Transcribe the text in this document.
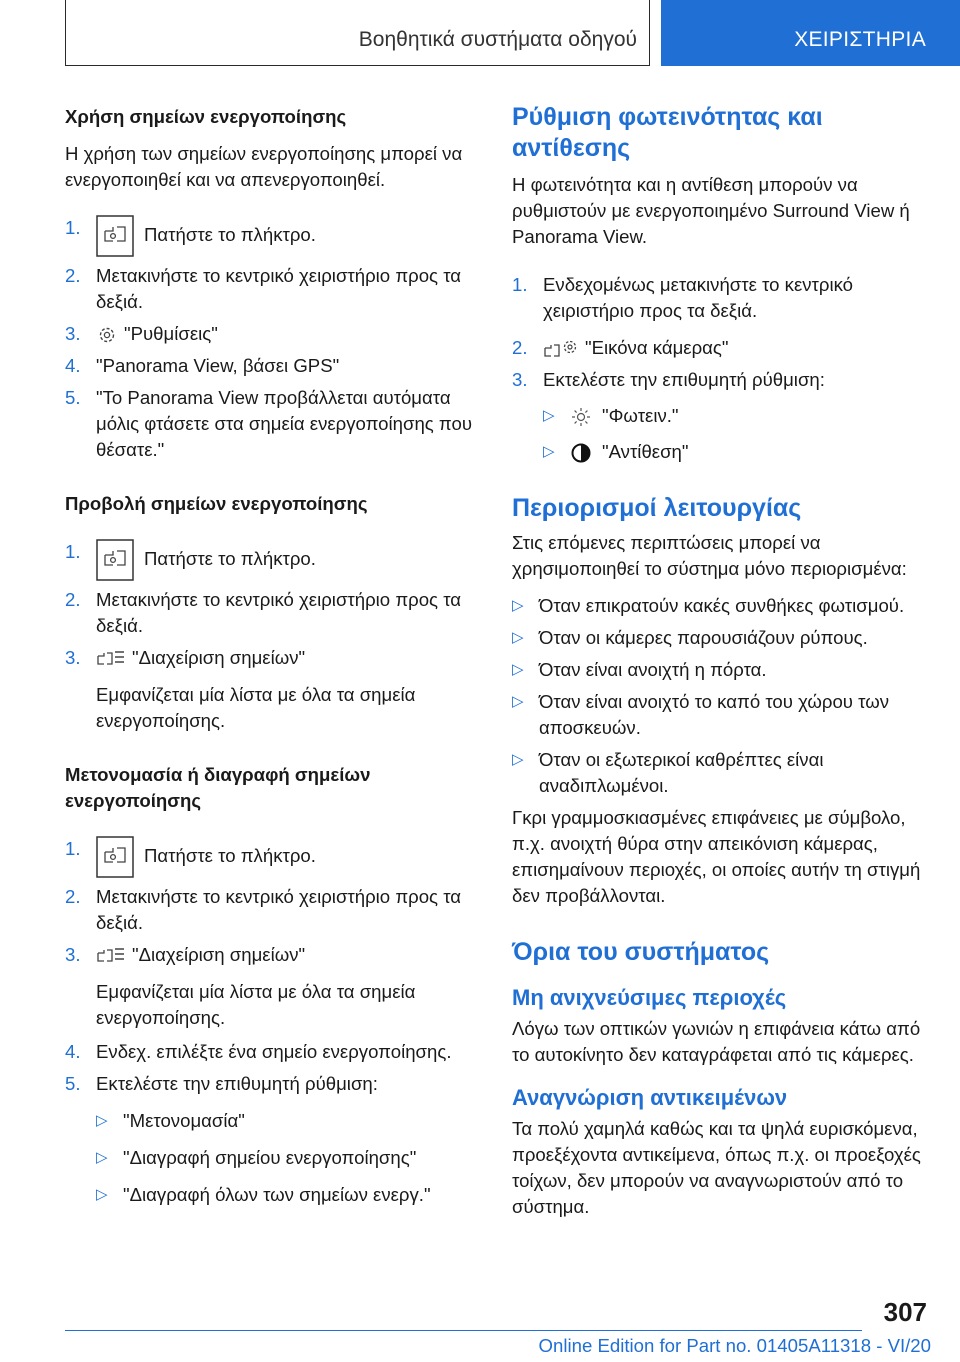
Βοηθητικά συστήματα οδηγού	ΧΕΙΡΙΣΤΗΡΙΑ
Χρήση σημείων ενεργοποίησης
Η χρήση των σημείων ενεργοποίησης μπορεί να ενεργοποιηθεί και να απενεργοποιηθεί.
1.	Πατήστε το πλήκτρο.
2. Μετακινήστε το κεντρικό χειριστήριο προς τα δεξιά.
3. "Ρυθμίσεις"
4. "Panorama View, βάσει GPS"
5. "Το Panorama View προβάλλεται αυτόματα μόλις φτάσετε στα σημεία ενεργοποίησης που θέσατε."
Προβολή σημείων ενεργοποίησης
1.	Πατήστε το πλήκτρο.
2. Μετακινήστε το κεντρικό χειριστήριο προς τα δεξιά.
3.	"Διαχείριση σημείων"
Εμφανίζεται μία λίστα με όλα τα σημεία ενεργοποίησης.
Μετονομασία ή διαγραφή σημείων ενεργοποίησης
1.	Πατήστε το πλήκτρο.
2. Μετακινήστε το κεντρικό χειριστήριο προς τα δεξιά.
3.	"Διαχείριση σημείων"
Εμφανίζεται μία λίστα με όλα τα σημεία ενεργοποίησης.
4. Ενδεχ. επιλέξτε ένα σημείο ενεργοποίησης.
5. Εκτελέστε την επιθυμητή ρύθμιση:
▷ "Μετονομασία"
▷ "Διαγραφή σημείου ενεργοποίησης"
▷ "Διαγραφή όλων των σημείων ενεργ."
Ρύθμιση φωτεινότητας και αντίθεσης
Η φωτεινότητα και η αντίθεση μπορούν να ρυθμιστούν με ενεργοποιημένο Surround View ή Panorama View.
1. Ενδεχομένως μετακινήστε το κεντρικό χειριστήριο προς τα δεξιά.
2.	"Εικόνα κάμερας"
3. Εκτελέστε την επιθυμητή ρύθμιση:
▷	"Φωτειν."
▷	"Αντίθεση"
Περιορισμοί λειτουργίας
Στις επόμενες περιπτώσεις μπορεί να χρησιμοποιηθεί το σύστημα μόνο περιορισμένα:
▷ Όταν επικρατούν κακές συνθήκες φωτισμού.
▷ Όταν οι κάμερες παρουσιάζουν ρύπους.
▷ Όταν είναι ανοιχτή η πόρτα.
▷ Όταν είναι ανοιχτό το καπό του χώρου των αποσκευών.
▷ Όταν οι εξωτερικοί καθρέπτες είναι αναδιπλωμένοι.
Γκρι γραμμοσκιασμένες επιφάνειες με σύμβολο, π.χ. ανοιχτή θύρα στην απεικόνιση κάμερας, επισημαίνουν περιοχές, οι οποίες αυτήν τη στιγμή δεν προβάλλονται.
Όρια του συστήματος
Μη ανιχνεύσιμες περιοχές
Λόγω των οπτικών γωνιών η επιφάνεια κάτω από το αυτοκίνητο δεν καταγράφεται από τις κάμερες.
Αναγνώριση αντικειμένων
Τα πολύ χαμηλά καθώς και τα ψηλά ευρισκόμενα, προεξέχοντα αντικείμενα, όπως π.χ. οι προεξοχές τοίχων, δεν μπορούν να αναγνωριστούν από το σύστημα.
307
Online Edition for Part no. 01405A11318 - VI/20
